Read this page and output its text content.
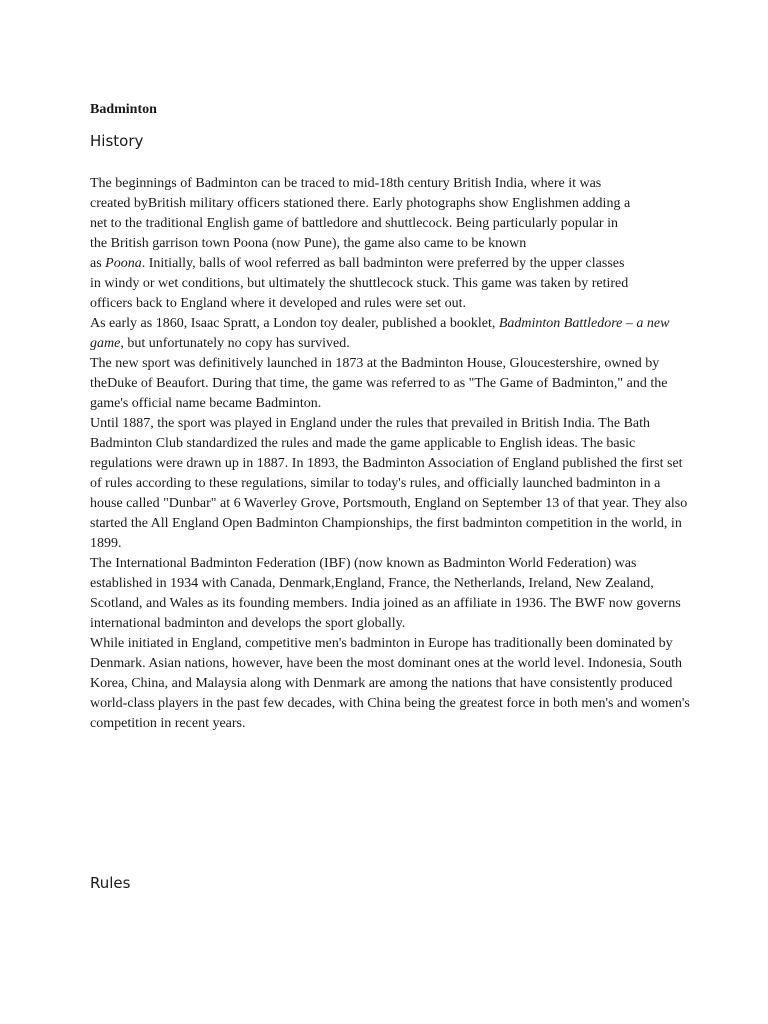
Badminton
History

The beginnings of Badminton can be traced to mid-18th century British India, where it was
created byBritish military officers stationed there. Early photographs show Englishmen adding a
net to the traditional English game of battledore and shuttlecock. Being particularly popular in
the British garrison town Poona (now Pune), the game also came to be known
as Poona. Initially, balls of wool referred as ball badminton were preferred by the upper classes
in windy or wet conditions, but ultimately the shuttlecock stuck. This game was taken by retired
officers back to England where it developed and rules were set out.

As early as 1860, Isaac Spratt, a London toy dealer, published a booklet, Badminton Battledore – a new game, but unfortunately no copy has survived.

The new sport was definitively launched in 1873 at the Badminton House, Gloucestershire, owned by theDuke of Beaufort. During that time, the game was referred to as "The Game of Badminton," and the game's official name became Badminton.

Until 1887, the sport was played in England under the rules that prevailed in British India. The Bath Badminton Club standardized the rules and made the game applicable to English ideas. The basic regulations were drawn up in 1887. In 1893, the Badminton Association of England published the first set of rules according to these regulations, similar to today's rules, and officially launched badminton in a house called "Dunbar" at 6 Waverley Grove, Portsmouth, England on September 13 of that year. They also started the All England Open Badminton Championships, the first badminton competition in the world, in 1899.

The International Badminton Federation (IBF) (now known as Badminton World Federation) was established in 1934 with Canada, Denmark,England, France, the Netherlands, Ireland, New Zealand, Scotland, and Wales as its founding members. India joined as an affiliate in 1936. The BWF now governs international badminton and develops the sport globally.

While initiated in England, competitive men's badminton in Europe has traditionally been dominated by Denmark. Asian nations, however, have been the most dominant ones at the world level. Indonesia, South Korea, China, and Malaysia along with Denmark are among the nations that have consistently produced world-class players in the past few decades, with China being the greatest force in both men's and women's competition in recent years.

Rules
